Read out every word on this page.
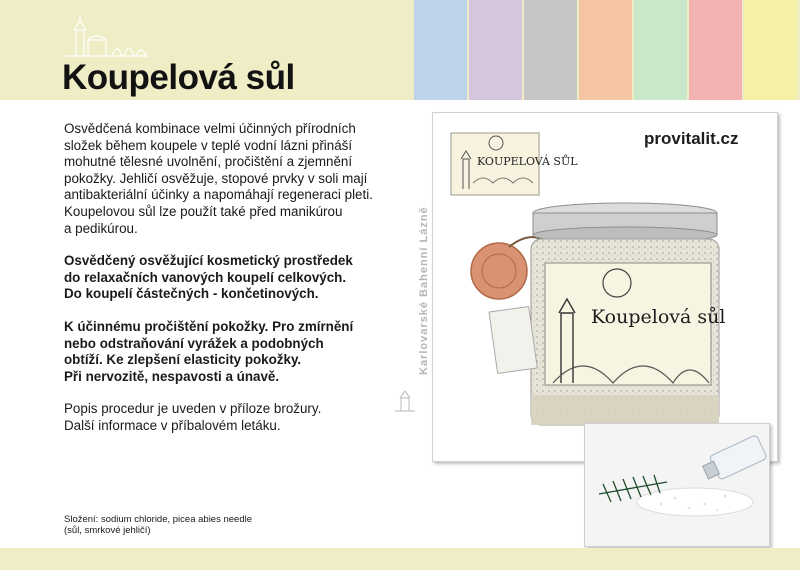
Koupelová sůl

Osvědčená kombinace velmi účinných přírodních
složek během koupele v teplé vodní lázni přináší
mohutné tělesné uvolnění, pročištění a zjemnění
pokožky. Jehličí osvěžuje, stopové prvky v soli mají
antibakteriální účinky a napomáhají regeneraci pleti.
Koupelovou sůl lze použít také před manikúrou
a pedikúrou.

Osvědčený osvěžující kosmetický prostředek
do relaxačních vanových koupelí celkových.
Do koupelí částečných - končetinových.

K účinnému pročištění pokožky. Pro zmírnění
nebo odstraňování vyrážek a podobných
obtíží. Ke zlepšení elasticity pokožky.
Při nervozitě, nespavosti a únavě.

Popis procedur je uveden v příloze brožury.
Další informace v příbalovém letáku.

Složení: sodium chloride, picea abies needle
(sůl, smrkové jehličí)
Karlovarské Bahenní Lázně
KOUPELOVÁ SŮL
Koupelová sůl
provitalit.cz
